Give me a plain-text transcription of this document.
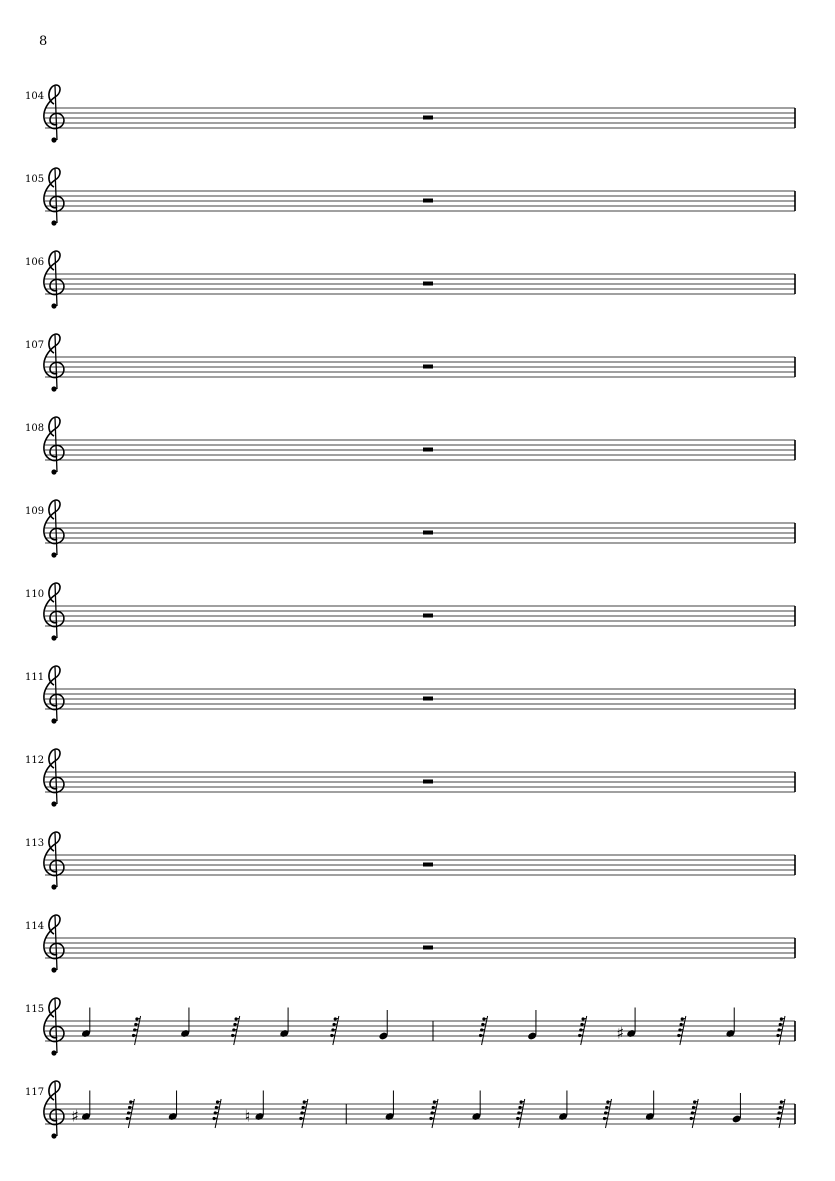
8
104
105
106
107
108
109
110
111
112
113
114
115
♯
117
♯	♮
